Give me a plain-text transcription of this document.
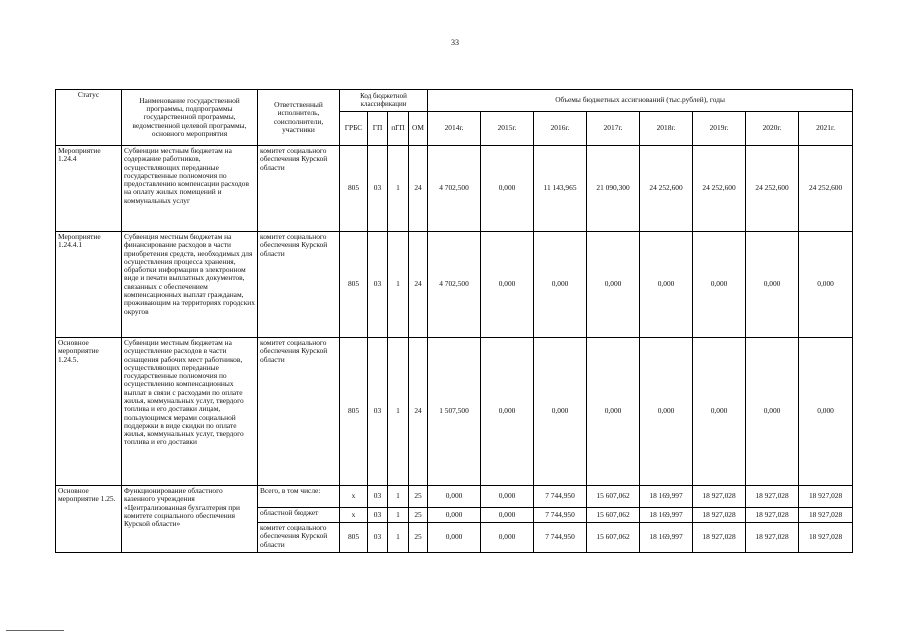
33
Статус	Наименование государственной программы, подпрограммы государственной программы, ведомственной целевой программы, основного мероприятия	Ответственный исполнитель, соисполнители, участники	Код бюджетной классификации				Объемы бюджетных ассигнований (тыс.рублей), годы							
			ГРБС	ГП	пГП	ОМ	2014г.	2015г.	2016г.	2017г.	2018г.	2019г.	2020г.	2021г.
Мероприятие 1.24.4	Субвенции местным бюджетам на содержание работников, осуществляющих переданные государственные полномочия по предоставлению компенсации расходов на оплату жилых помещений и коммунальных услуг	комитет социального обеспечения Курской области	805	03	1	24	4 702,500	0,000	11 143,965	21 090,300	24 252,600	24 252,600	24 252,600	24 252,600
Мероприятие 1.24.4.1	Субвенция местным бюджетам на финансирование расходов в части приобретения средств, необходимых для осуществления процесса хранения, обработки информации в электронном виде и печати выплатных документов, связанных с обеспечением компенсационных выплат гражданам, проживающим на территориях городских округов	комитет социального обеспечения Курской области	805	03	1	24	4 702,500	0,000	0,000	0,000	0,000	0,000	0,000	0,000
Основное мероприятие 1.24.5.	Субвенции местным бюджетам на осуществление расходов в части оснащения рабочих мест работников, осуществляющих переданные государственные полномочия по осуществлению компенсационных выплат в связи с расходами по оплате жилья, коммунальных услуг, твердого топлива и его доставки лицам, пользующимся мерами социальной поддержки в виде скидки по оплате жилья, коммунальных услуг, твердого топлива и его доставки	комитет социального обеспечения Курской области	805	03	1	24	1 507,500	0,000	0,000	0,000	0,000	0,000	0,000	0,000
Основное мероприятие 1.25.	Функционирование областного казенного учреждения «Централизованная бухгалтерия при комитете социального обеспечения Курской области»	Всего, в том числе:	х	03	1	25	0,000	0,000	7 744,950	15 607,062	18 169,997	18 927,028	18 927,028	18 927,028
		областной бюджет	х	03	1	25	0,000	0,000	7 744,950	15 607,062	18 169,997	18 927,028	18 927,028	18 927,028
		комитет социального обеспечения Курской области	805	03	1	25	0,000	0,000	7 744,950	15 607,062	18 169,997	18 927,028	18 927,028	18 927,028
